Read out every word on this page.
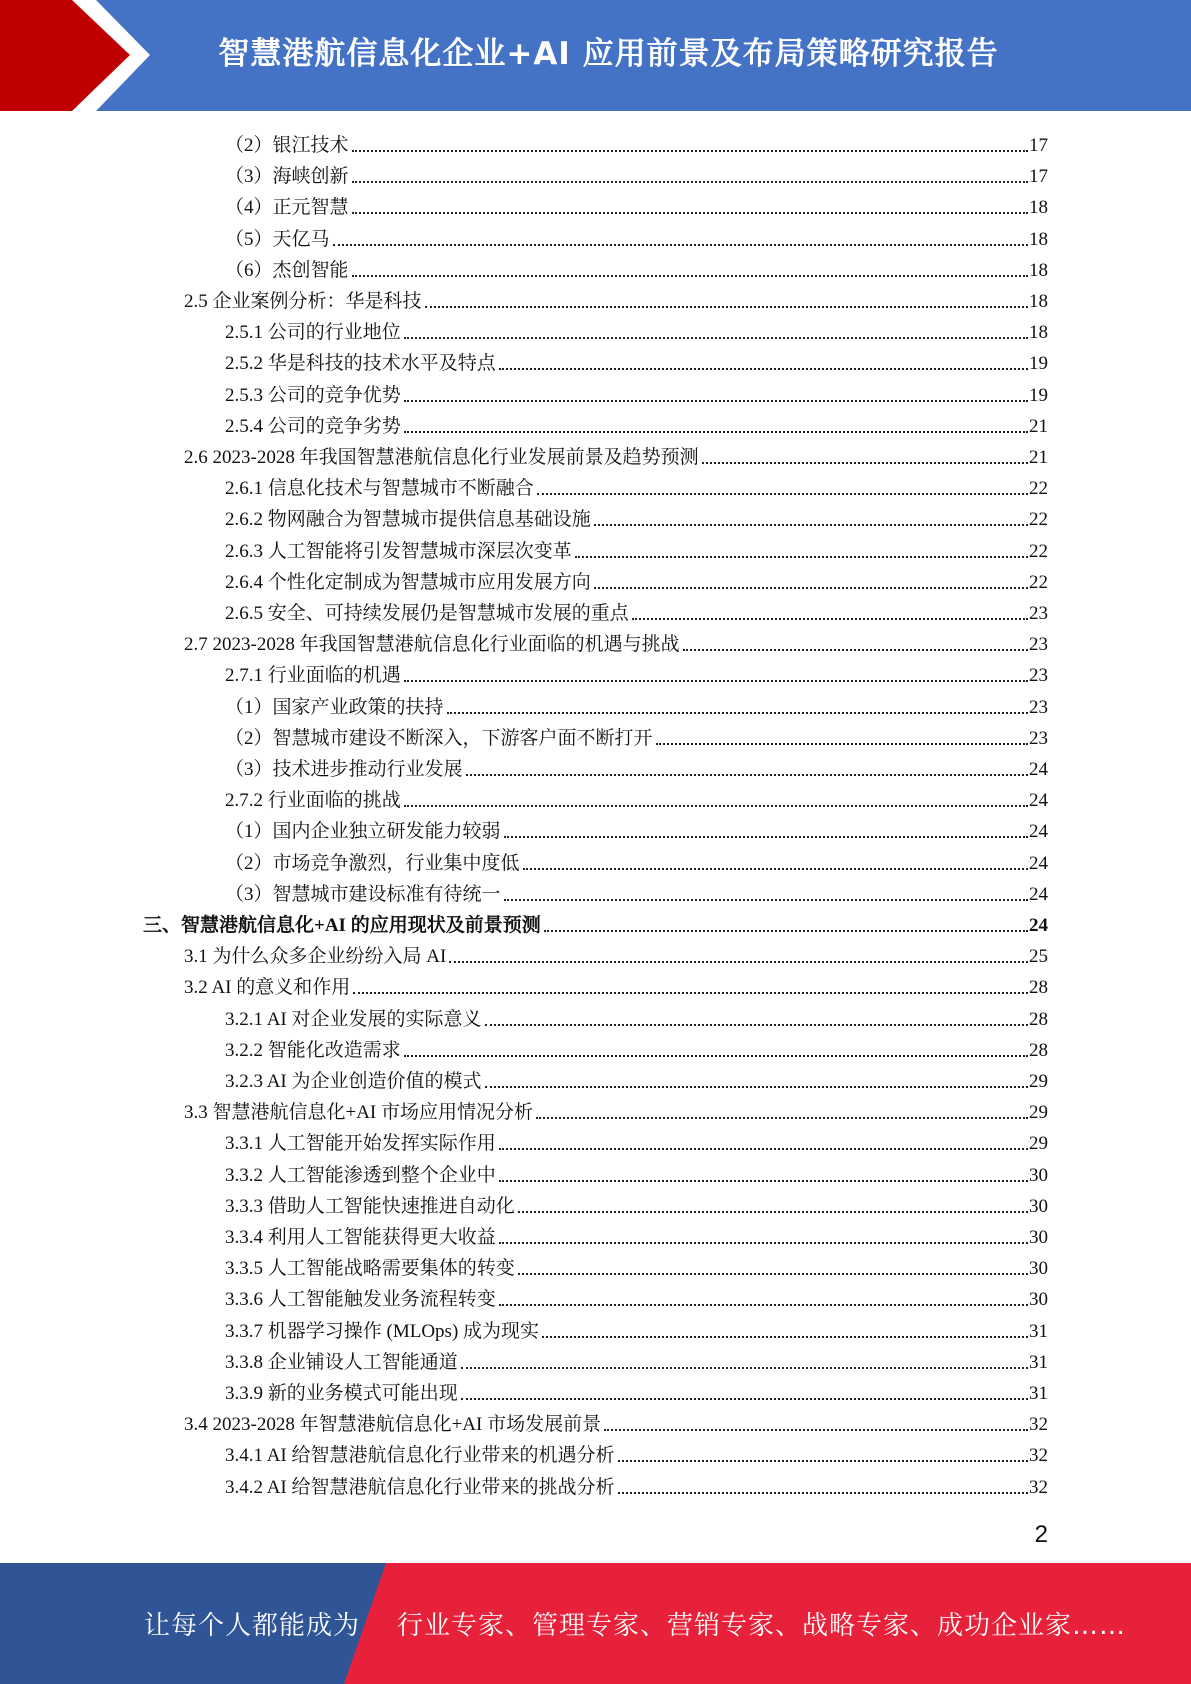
智慧港航信息化企业+AI 应用前景及布局策略研究报告
（2）银江技术	17
（3）海峡创新	17
（4）正元智慧	18
（5）天亿马	18
（6）杰创智能	18
2.5 企业案例分析：华是科技	18
2.5.1 公司的行业地位	18
2.5.2 华是科技的技术水平及特点	19
2.5.3 公司的竞争优势	19
2.5.4 公司的竞争劣势	21
2.6 2023-2028 年我国智慧港航信息化行业发展前景及趋势预测	21
2.6.1 信息化技术与智慧城市不断融合	22
2.6.2 物网融合为智慧城市提供信息基础设施	22
2.6.3 人工智能将引发智慧城市深层次变革	22
2.6.4 个性化定制成为智慧城市应用发展方向	22
2.6.5 安全、可持续发展仍是智慧城市发展的重点	23
2.7 2023-2028 年我国智慧港航信息化行业面临的机遇与挑战	23
2.7.1 行业面临的机遇	23
（1）国家产业政策的扶持	23
（2）智慧城市建设不断深入，下游客户面不断打开	23
（3）技术进步推动行业发展	24
2.7.2 行业面临的挑战	24
（1）国内企业独立研发能力较弱	24
（2）市场竞争激烈，行业集中度低	24
（3）智慧城市建设标准有待统一	24
三、智慧港航信息化+AI 的应用现状及前景预测	24
3.1 为什么众多企业纷纷入局 AI	25
3.2 AI 的意义和作用	28
3.2.1 AI 对企业发展的实际意义	28
3.2.2 智能化改造需求	28
3.2.3 AI 为企业创造价值的模式	29
3.3 智慧港航信息化+AI 市场应用情况分析	29
3.3.1 人工智能开始发挥实际作用	29
3.3.2 人工智能渗透到整个企业中	30
3.3.3 借助人工智能快速推进自动化	30
3.3.4 利用人工智能获得更大收益	30
3.3.5 人工智能战略需要集体的转变	30
3.3.6 人工智能触发业务流程转变	30
3.3.7 机器学习操作 (MLOps) 成为现实	31
3.3.8 企业铺设人工智能通道	31
3.3.9 新的业务模式可能出现	31
3.4 2023-2028 年智慧港航信息化+AI 市场发展前景	32
3.4.1 AI 给智慧港航信息化行业带来的机遇分析	32
3.4.2 AI 给智慧港航信息化行业带来的挑战分析	32
2
让每个人都能成为 行业专家、管理专家、营销专家、战略专家、成功企业家……
